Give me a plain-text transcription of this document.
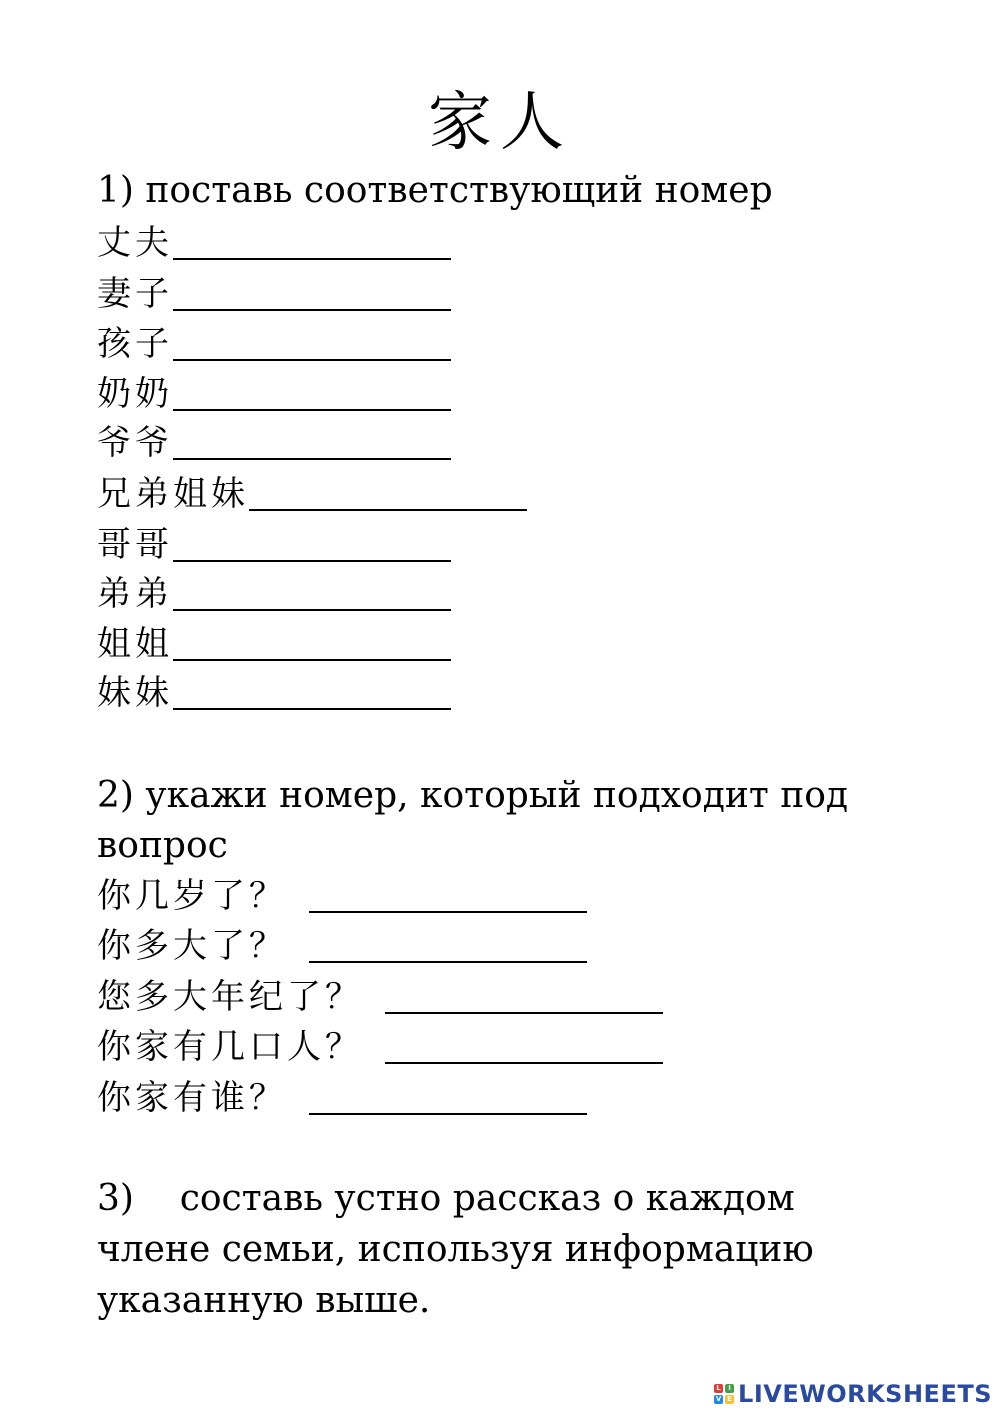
家人
1) поставь соответствующий номер
丈夫
妻子
孩子
奶奶
爷爷
兄弟姐妹
哥哥
弟弟
姐姐
妹妹
2) укажи номер, который подходит под
вопрос
你几岁了？
你多大了？
您多大年纪了？
你家有几口人？
你家有谁？
3)    составь устно рассказ о каждом
члене семьи, используя информацию
указанную выше.
L	I
V E LIVEWORKSHEETS
